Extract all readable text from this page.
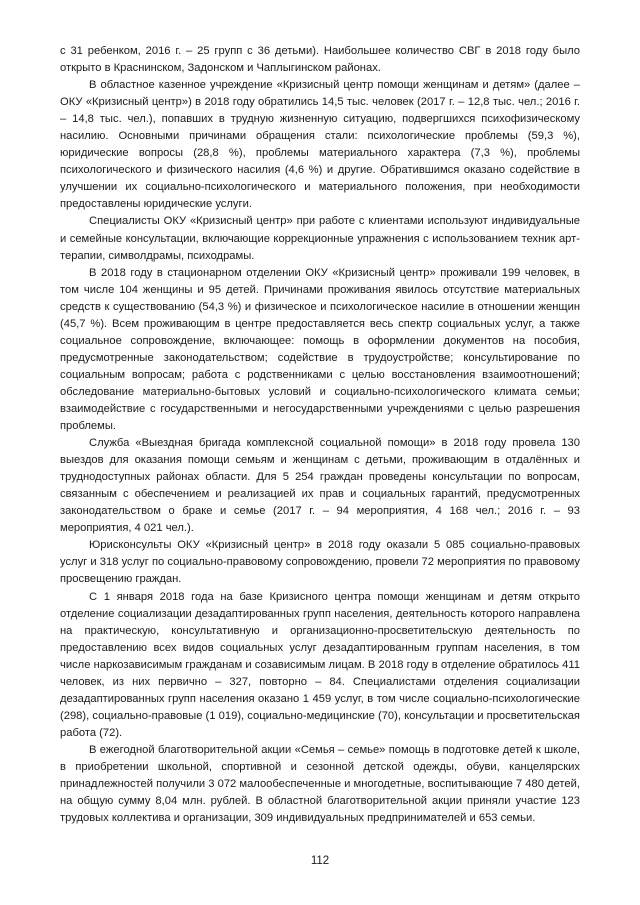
с 31 ребенком, 2016 г. – 25 групп с 36 детьми). Наибольшее количество СВГ в 2018 году было открыто в Краснинском, Задонском и Чаплыгинском районах.

В областное казенное учреждение «Кризисный центр помощи женщинам и детям» (далее – ОКУ «Кризисный центр») в 2018 году обратились 14,5 тыс. человек (2017 г. – 12,8 тыс. чел.; 2016 г. – 14,8 тыс. чел.), попавших в трудную жизненную ситуацию, подвергшихся психофизическому насилию. Основными причинами обращения стали: психологические проблемы (59,3 %), юридические вопросы (28,8 %), проблемы материального характера (7,3 %), проблемы психологического и физического насилия (4,6 %) и другие. Обратившимся оказано содействие в улучшении их социально-психологического и материального положения, при необходимости предоставлены юридические услуги.

Специалисты ОКУ «Кризисный центр» при работе с клиентами используют индивидуальные и семейные консультации, включающие коррекционные упражнения с использованием техник арт-терапии, символдрамы, психодрамы.

В 2018 году в стационарном отделении ОКУ «Кризисный центр» проживали 199 человек, в том числе 104 женщины и 95 детей. Причинами проживания явилось отсутствие материальных средств к существованию (54,3 %) и физическое и психологическое насилие в отношении женщин (45,7 %). Всем проживающим в центре предоставляется весь спектр социальных услуг, а также социальное сопровождение, включающее: помощь в оформлении документов на пособия, предусмотренные законодательством; содействие в трудоустройстве; консультирование по социальным вопросам; работа с родственниками с целью восстановления взаимоотношений; обследование материально-бытовых условий и социально-психологического климата семьи; взаимодействие с государственными и негосударственными учреждениями с целью разрешения проблемы.

Служба «Выездная бригада комплексной социальной помощи» в 2018 году провела 130 выездов для оказания помощи семьям и женщинам с детьми, проживающим в отдалённых и труднодоступных районах области. Для 5 254 граждан проведены консультации по вопросам, связанным с обеспечением и реализацией их прав и социальных гарантий, предусмотренных законодательством о браке и семье (2017 г. – 94 мероприятия, 4 168 чел.; 2016 г. – 93 мероприятия, 4 021 чел.).

Юрисконсульты ОКУ «Кризисный центр» в 2018 году оказали 5 085 социально-правовых услуг и 318 услуг по социально-правовому сопровождению, провели 72 мероприятия по правовому просвещению граждан.

С 1 января 2018 года на базе Кризисного центра помощи женщинам и детям открыто отделение социализации дезадаптированных групп населения, деятельность которого направлена на практическую, консультативную и организационно-просветительскую деятельность по предоставлению всех видов социальных услуг дезадаптированным группам населения, в том числе наркозависимым гражданам и созависимым лицам. В 2018 году в отделение обратилось 411 человек, из них первично – 327, повторно – 84. Специалистами отделения социализации дезадаптированных групп населения оказано 1 459 услуг, в том числе социально-психологические (298), социально-правовые (1 019), социально-медицинские (70), консультации и просветительская работа (72).

В ежегодной благотворительной акции «Семья – семье» помощь в подготовке детей к школе, в приобретении школьной, спортивной и сезонной детской одежды, обуви, канцелярских принадлежностей получили 3 072 малообеспеченные и многодетные, воспитывающие 7 480 детей, на общую сумму 8,04 млн. рублей. В областной благотворительной акции приняли участие 123 трудовых коллектива и организации, 309 индивидуальных предпринимателей и 653 семьи.

112
